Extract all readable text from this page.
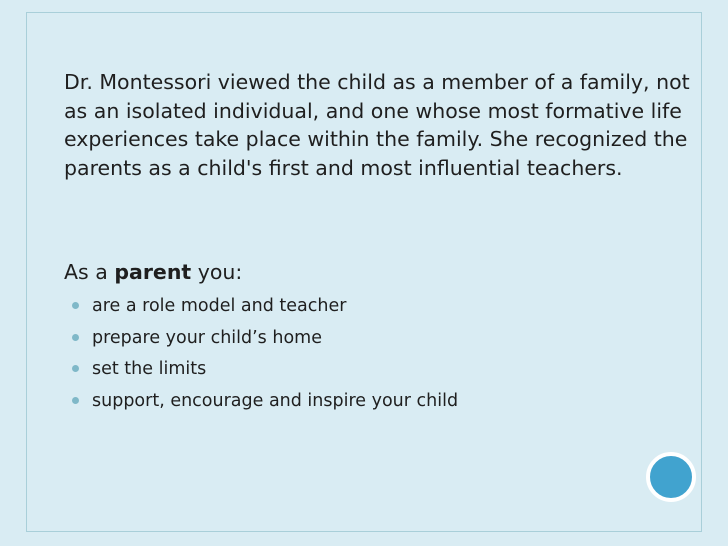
Dr. Montessori viewed the child as a member of a family, not as an isolated individual, and one whose most formative life experiences take place within the family. She recognized the parents as a child's first and most influential teachers.

As a parent you:

are a role model and teacher
prepare your child’s home
set the limits
support, encourage and inspire your child
